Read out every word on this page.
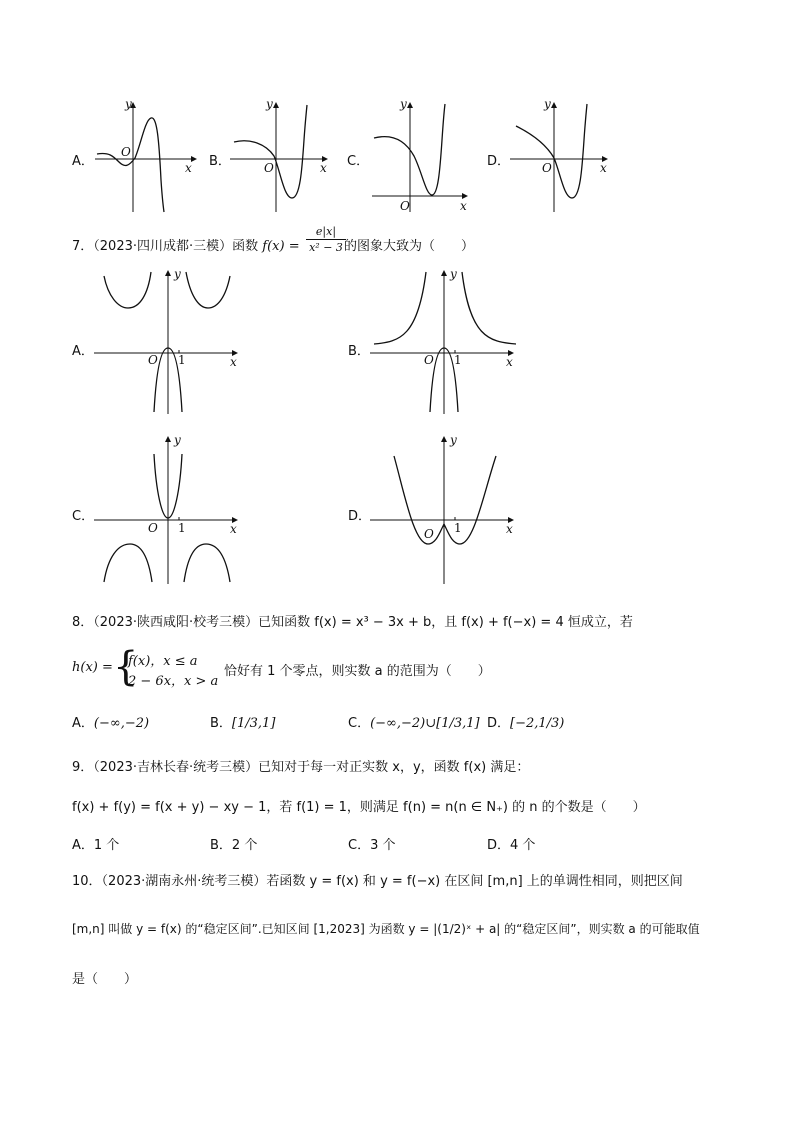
A．	x
y
O
B．	x
y
O	C．
x
y
O
D．	x
y
O
7．（2023·四川成都·三模）函数 f(x) =
e|x|
x² − 3 的图象大致为（　　）
A．
x
y
O 1
B．
x
y
O 1
C．
x
y
O 1
D．
x
y
O 1
8．（2023·陕西咸阳·校考三模）已知函数 f(x) = x³ − 3x + b，且 f(x) + f(−x) = 4 恒成立，若
h(x) = {
f(x)，x ≤ a
2 − 6x，x > a
恰好有 1 个零点，则实数 a 的范围为（　　）
A．(−∞,−2)	B．[1/3,1]	C．(−∞,−2)∪[1/3,1] D．[−2,1/3)
9．（2023·吉林长春·统考三模）已知对于每一对正实数 x，y，函数 f(x) 满足：
f(x) + f(y) = f(x + y) − xy − 1，若 f(1) = 1，则满足 f(n) = n(n ∈ N₊) 的 n 的个数是（　　）
A．1 个	B．2 个	C．3 个	D．4 个
10．（2023·湖南永州·统考三模）若函数 y = f(x) 和 y = f(−x) 在区间 [m,n] 上的单调性相同，则把区间
[m,n] 叫做 y = f(x) 的“稳定区间”.已知区间 [1,2023] 为函数 y = |(1/2)ˣ + a| 的“稳定区间”，则实数 a 的可能取值
是（　　）
